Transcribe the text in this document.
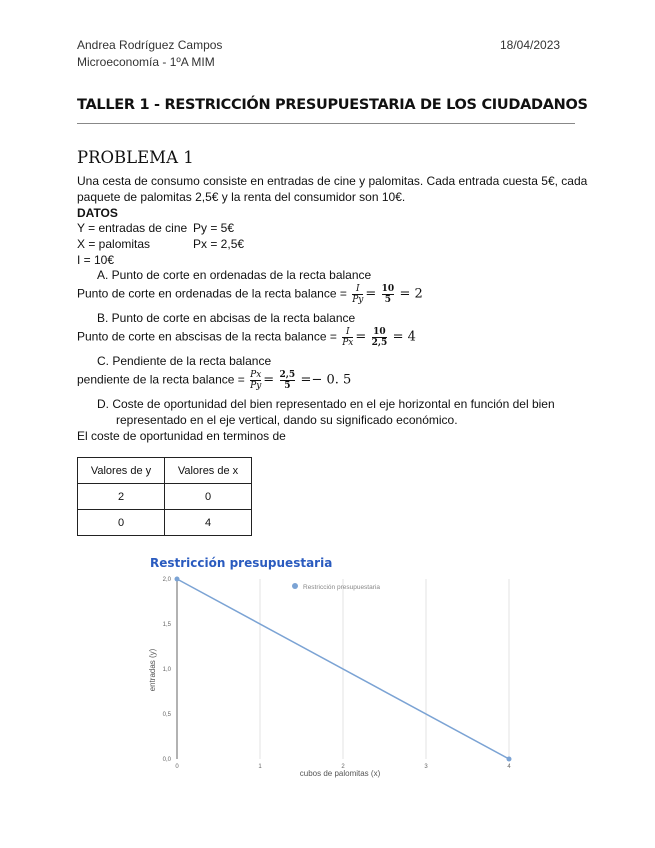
Andrea Rodríguez Campos	18/04/2023
Microeconomía - 1ºA MIM
TALLER 1 - RESTRICCIÓN PRESUPUESTARIA DE LOS CIUDADANOS
PROBLEMA 1
Una cesta de consumo consiste en entradas de cine y palomitas. Cada entrada cuesta 5€, cada
paquete de palomitas 2,5€ y la renta del consumidor son 10€.
DATOS
Y = entradas de cine Py = 5€
X = palomitas	Px = 2,5€
I = 10€
A. Punto de corte en ordenadas de la recta balance
Punto de corte en ordenadas de la recta balance = $\frac{I}{Py} = \frac{10}{5} = 2$
B. Punto de corte en abcisas de la recta balance
Punto de corte en abscisas de la recta balance = $\frac{I}{Px} = \frac{10}{2,5} = 4$
C. Pendiente de la recta balance
pendiente de la recta balance = $\frac{Px}{Py} = \frac{2,5}{5} =- 0$. 5
D. Coste de oportunidad del bien representado en el eje horizontal en función del bien
representado en el eje vertical, dando su significado económico.
El coste de oportunidad en terminos de
Valores de y	Valores de x
2	0
0	4
Restricción presupuestaria
0	1	2	3	4
0,0
0,5
1,0
1,5
2,0
Restricción presupuestaria
entradas (y)
cubos de palomitas (x)
